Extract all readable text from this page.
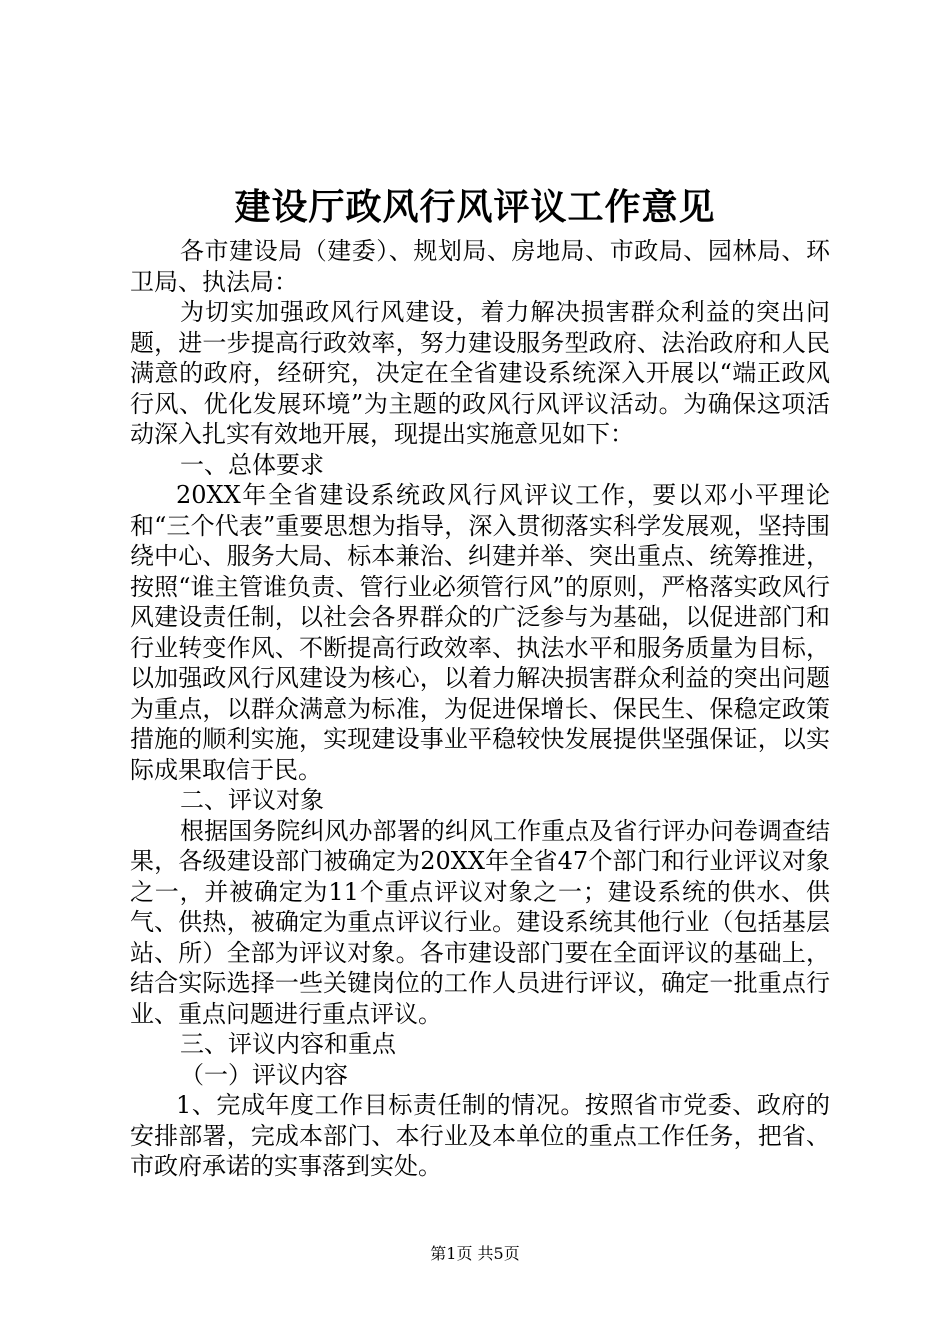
建设厅政风行风评议工作意见

各市建设局（建委）、规划局、房地局、市政局、园林局、环卫局、执法局：

为切实加强政风行风建设，着力解决损害群众利益的突出问题，进一步提高行政效率，努力建设服务型政府、法治政府和人民满意的政府，经研究，决定在全省建设系统深入开展以“端正政风行风、优化发展环境”为主题的政风行风评议活动。为确保这项活动深入扎实有效地开展，现提出实施意见如下：

一、总体要求

20XX年全省建设系统政风行风评议工作，要以邓小平理论和“三个代表”重要思想为指导，深入贯彻落实科学发展观，坚持围绕中心、服务大局、标本兼治、纠建并举、突出重点、统筹推进，按照“谁主管谁负责、管行业必须管行风”的原则，严格落实政风行风建设责任制，以社会各界群众的广泛参与为基础，以促进部门和行业转变作风、不断提高行政效率、执法水平和服务质量为目标，以加强政风行风建设为核心，以着力解决损害群众利益的突出问题为重点，以群众满意为标准，为促进保增长、保民生、保稳定政策措施的顺利实施，实现建设事业平稳较快发展提供坚强保证，以实际成果取信于民。

二、评议对象

根据国务院纠风办部署的纠风工作重点及省行评办问卷调查结果，各级建设部门被确定为20XX年全省47个部门和行业评议对象之一，并被确定为11个重点评议对象之一；建设系统的供水、供气、供热，被确定为重点评议行业。建设系统其他行业（包括基层站、所）全部为评议对象。各市建设部门要在全面评议的基础上，结合实际选择一些关键岗位的工作人员进行评议，确定一批重点行业、重点问题进行重点评议。

三、评议内容和重点

（一）评议内容

1、完成年度工作目标责任制的情况。按照省市党委、政府的安排部署，完成本部门、本行业及本单位的重点工作任务，把省、市政府承诺的实事落到实处。

第1页 共5页
